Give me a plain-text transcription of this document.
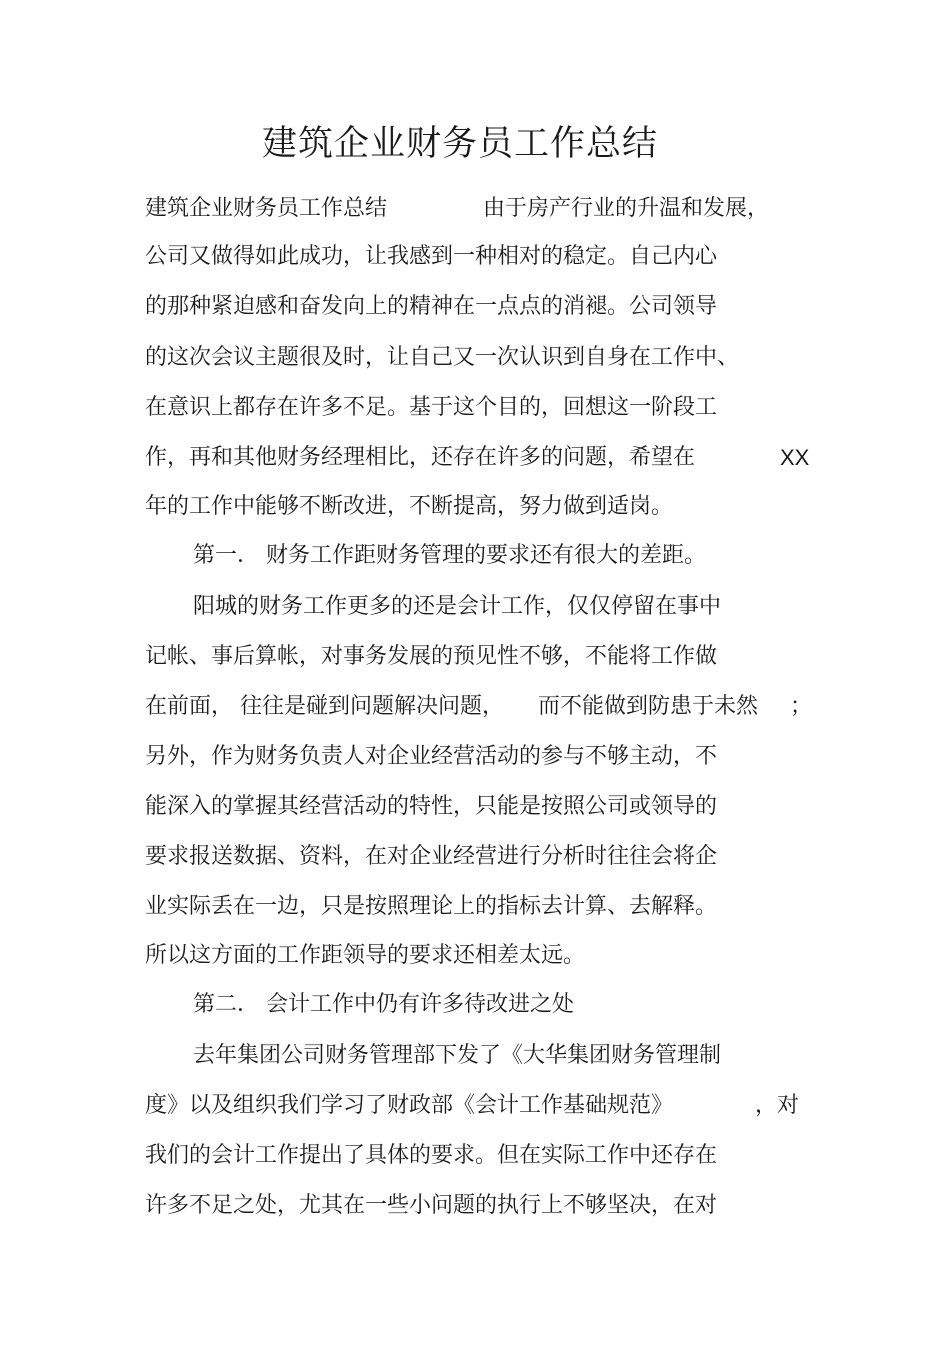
建筑企业财务员工作总结
建筑企业财务员工作总结	由于房产行业的升温和发展，
公司又做得如此成功，让我感到一种相对的稳定。自己内心
的那种紧迫感和奋发向上的精神在一点点的消褪。公司领导
的这次会议主题很及时，让自己又一次认识到自身在工作中、
在意识上都存在许多不足。基于这个目的，回想这一阶段工
作，再和其他财务经理相比，还存在许多的问题，希望在	XX
年的工作中能够不断改进，不断提高，努力做到适岗。
第一． 财务工作距财务管理的要求还有很大的差距。
阳城的财务工作更多的还是会计工作，仅仅停留在事中
记帐、事后算帐，对事务发展的预见性不够，不能将工作做
在前面， 往往是碰到问题解决问题， 而不能做到防患于未然 ；
另外，作为财务负责人对企业经营活动的参与不够主动，不
能深入的掌握其经营活动的特性，只能是按照公司或领导的
要求报送数据、资料，在对企业经营进行分析时往往会将企
业实际丢在一边，只是按照理论上的指标去计算、去解释。
所以这方面的工作距领导的要求还相差太远。
第二． 会计工作中仍有许多待改进之处
去年集团公司财务管理部下发了《大华集团财务管理制
度》以及组织我们学习了财政部《会计工作基础规范》	，对
我们的会计工作提出了具体的要求。但在实际工作中还存在
许多不足之处，尤其在一些小问题的执行上不够坚决，在对
